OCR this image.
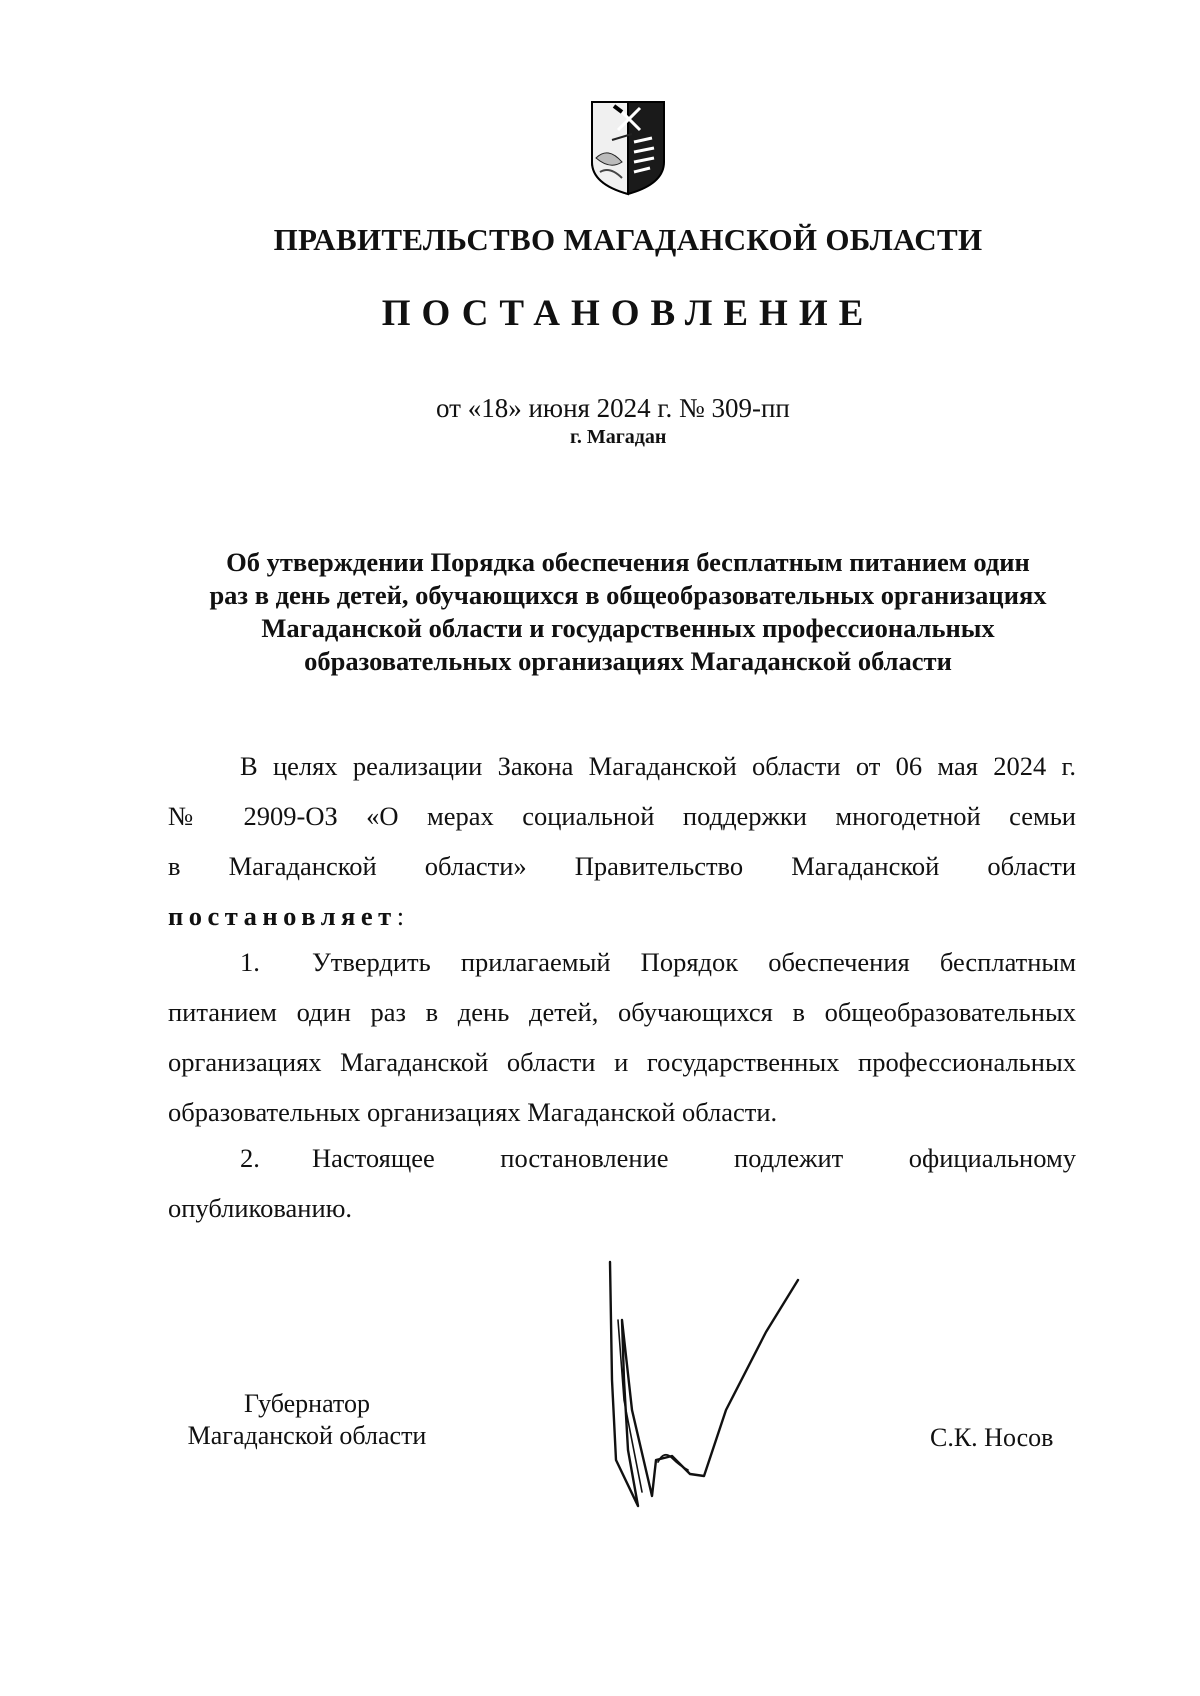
ПРАВИТЕЛЬСТВО МАГАДАНСКОЙ ОБЛАСТИ
ПОСТАНОВЛЕНИЕ
от «18» июня 2024 г. № 309-пп
г. Магадан
Об утверждении Порядка обеспечения бесплатным питанием один
раз в день детей, обучающихся в общеобразовательных организациях
Магаданской области и государственных профессиональных
образовательных организациях Магаданской области
В целях реализации Закона Магаданской области от 06 мая 2024 г.
№ 2909-ОЗ «О мерах социальной поддержки многодетной семьи
в Магаданской области» Правительство Магаданской области
постановляет:
1. Утвердить прилагаемый Порядок обеспечения бесплатным
питанием один раз в день детей, обучающихся в общеобразовательных
организациях Магаданской области и государственных профессиональных
образовательных организациях Магаданской области.
2. Настоящее постановление подлежит официальному
опубликованию.
Губернатор
Магаданской области	С.К. Носов
